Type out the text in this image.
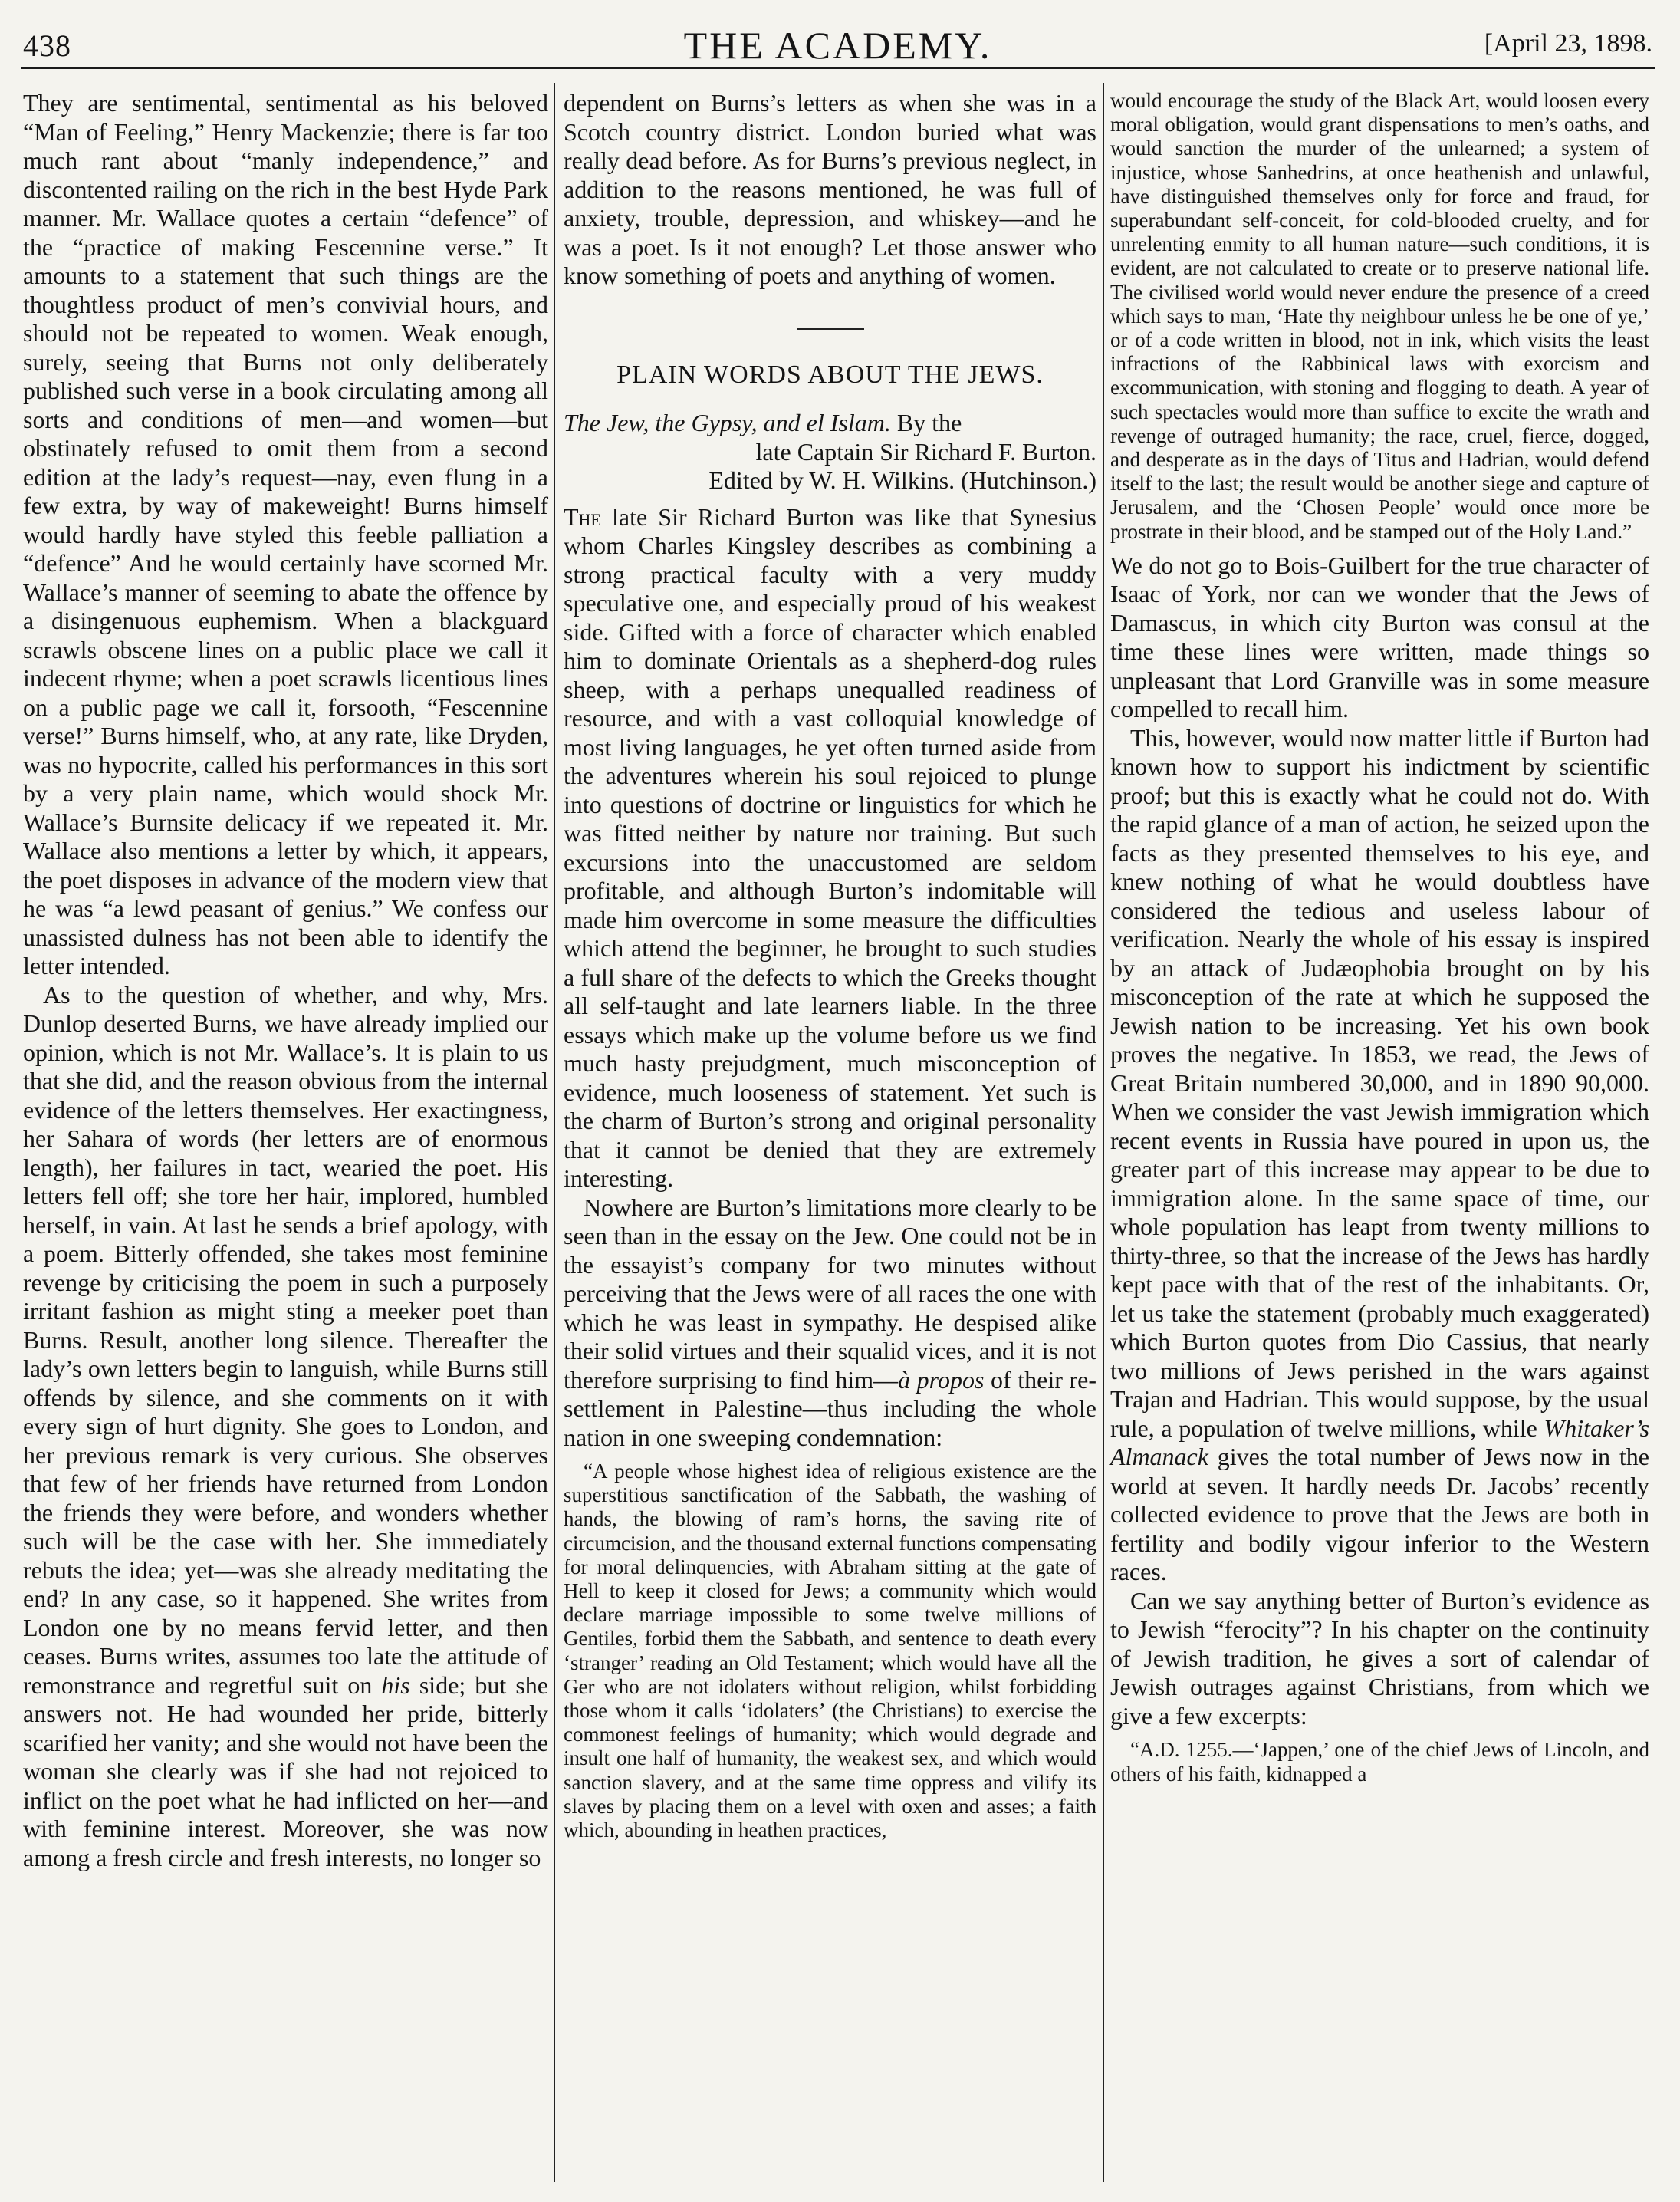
438	THE ACADEMY.	[April 23, 1898.

They are sentimental, sentimental as his beloved “Man of Feeling,” Henry Mackenzie; there is far too much rant about “manly independence,” and discontented railing on the rich in the best Hyde Park manner. Mr. Wallace quotes a certain “defence” of the “practice of making Fescennine verse.” It amounts to a statement that such things are the thoughtless product of men’s convivial hours, and should not be repeated to women. Weak enough, surely, seeing that Burns not only deliberately published such verse in a book circulating among all sorts and conditions of men—and women—but obstinately refused to omit them from a second edition at the lady’s request—nay, even flung in a few extra, by way of makeweight! Burns himself would hardly have styled this feeble palliation a “defence” And he would certainly have scorned Mr. Wallace’s manner of seeming to abate the offence by a disingenuous euphemism. When a blackguard scrawls obscene lines on a public place we call it indecent rhyme; when a poet scrawls licentious lines on a public page we call it, forsooth, “Fescennine verse!” Burns himself, who, at any rate, like Dryden, was no hypocrite, called his performances in this sort by a very plain name, which would shock Mr. Wallace’s Burnsite delicacy if we repeated it. Mr. Wallace also mentions a letter by which, it appears, the poet disposes in advance of the modern view that he was “a lewd peasant of genius.” We confess our unassisted dulness has not been able to identify the letter intended.

As to the question of whether, and why, Mrs. Dunlop deserted Burns, we have already implied our opinion, which is not Mr. Wallace’s. It is plain to us that she did, and the reason obvious from the internal evidence of the letters themselves. Her exactingness, her Sahara of words (her letters are of enormous length), her failures in tact, wearied the poet. His letters fell off; she tore her hair, implored, humbled herself, in vain. At last he sends a brief apology, with a poem. Bitterly offended, she takes most feminine revenge by criticising the poem in such a purposely irritant fashion as might sting a meeker poet than Burns. Result, another long silence. Thereafter the lady’s own letters begin to languish, while Burns still offends by silence, and she comments on it with every sign of hurt dignity. She goes to London, and her previous remark is very curious. She observes that few of her friends have returned from London the friends they were before, and wonders whether such will be the case with her. She immediately rebuts the idea; yet—was she already meditating the end? In any case, so it happened. She writes from London one by no means fervid letter, and then ceases. Burns writes, assumes too late the attitude of remonstrance and regretful suit on his side; but she answers not. He had wounded her pride, bitterly scarified her vanity; and she would not have been the woman she clearly was if she had not rejoiced to inflict on the poet what he had inflicted on her—and with feminine interest. Moreover, she was now among a fresh circle and fresh interests, no longer so

dependent on Burns’s letters as when she was in a Scotch country district. London buried what was really dead before. As for Burns’s previous neglect, in addition to the reasons mentioned, he was full of anxiety, trouble, depression, and whiskey—and he was a poet. Is it not enough? Let those answer who know something of poets and anything of women.

PLAIN WORDS ABOUT THE JEWS.

The Jew, the Gypsy, and el Islam. By the

late Captain Sir Richard F. Burton.

Edited by W. H. Wilkins. (Hutchinson.)

The late Sir Richard Burton was like that Synesius whom Charles Kingsley describes as combining a strong practical faculty with a very muddy speculative one, and especially proud of his weakest side. Gifted with a force of character which enabled him to dominate Orientals as a shepherd-dog rules sheep, with a perhaps unequalled readiness of resource, and with a vast colloquial knowledge of most living languages, he yet often turned aside from the adventures wherein his soul rejoiced to plunge into questions of doctrine or linguistics for which he was fitted neither by nature nor training. But such excursions into the unaccustomed are seldom profitable, and although Burton’s indomitable will made him overcome in some measure the difficulties which attend the beginner, he brought to such studies a full share of the defects to which the Greeks thought all self-taught and late learners liable. In the three essays which make up the volume before us we find much hasty prejudgment, much misconception of evidence, much looseness of statement. Yet such is the charm of Burton’s strong and original personality that it cannot be denied that they are extremely interesting.

Nowhere are Burton’s limitations more clearly to be seen than in the essay on the Jew. One could not be in the essayist’s company for two minutes without perceiving that the Jews were of all races the one with which he was least in sympathy. He despised alike their solid virtues and their squalid vices, and it is not therefore surprising to find him—à propos of their re-settlement in Palestine—thus including the whole nation in one sweeping condemnation:

“A people whose highest idea of religious existence are the superstitious sanctification of the Sabbath, the washing of hands, the blowing of ram’s horns, the saving rite of circumcision, and the thousand external functions compensating for moral delinquencies, with Abraham sitting at the gate of Hell to keep it closed for Jews; a community which would declare marriage impossible to some twelve millions of Gentiles, forbid them the Sabbath, and sentence to death every ‘stranger’ reading an Old Testament; which would have all the Ger who are not idolaters without religion, whilst forbidding those whom it calls ‘idolaters’ (the Christians) to exercise the commonest feelings of humanity; which would degrade and insult one half of humanity, the weakest sex, and which would sanction slavery, and at the same time oppress and vilify its slaves by placing them on a level with oxen and asses; a faith which, abounding in heathen practices,

would encourage the study of the Black Art, would loosen every moral obligation, would grant dispensations to men’s oaths, and would sanction the murder of the unlearned; a system of injustice, whose Sanhedrins, at once heathenish and unlawful, have distinguished themselves only for force and fraud, for superabundant self-conceit, for cold-blooded cruelty, and for unrelenting enmity to all human nature—such conditions, it is evident, are not calculated to create or to preserve national life. The civilised world would never endure the presence of a creed which says to man, ‘Hate thy neighbour unless he be one of ye,’ or of a code written in blood, not in ink, which visits the least infractions of the Rabbinical laws with exorcism and excommunication, with stoning and flogging to death. A year of such spectacles would more than suffice to excite the wrath and revenge of outraged humanity; the race, cruel, fierce, dogged, and desperate as in the days of Titus and Hadrian, would defend itself to the last; the result would be another siege and capture of Jerusalem, and the ‘Chosen People’ would once more be prostrate in their blood, and be stamped out of the Holy Land.”

We do not go to Bois-Guilbert for the true character of Isaac of York, nor can we wonder that the Jews of Damascus, in which city Burton was consul at the time these lines were written, made things so unpleasant that Lord Granville was in some measure compelled to recall him.

This, however, would now matter little if Burton had known how to support his indictment by scientific proof; but this is exactly what he could not do. With the rapid glance of a man of action, he seized upon the facts as they presented themselves to his eye, and knew nothing of what he would doubtless have considered the tedious and useless labour of verification. Nearly the whole of his essay is inspired by an attack of Judæophobia brought on by his misconception of the rate at which he supposed the Jewish nation to be increasing. Yet his own book proves the negative. In 1853, we read, the Jews of Great Britain numbered 30,000, and in 1890 90,000. When we consider the vast Jewish immigration which recent events in Russia have poured in upon us, the greater part of this increase may appear to be due to immigration alone. In the same space of time, our whole population has leapt from twenty millions to thirty-three, so that the increase of the Jews has hardly kept pace with that of the rest of the inhabitants. Or, let us take the statement (probably much exaggerated) which Burton quotes from Dio Cassius, that nearly two millions of Jews perished in the wars against Trajan and Hadrian. This would suppose, by the usual rule, a population of twelve millions, while Whitaker’s Almanack gives the total number of Jews now in the world at seven. It hardly needs Dr. Jacobs’ recently collected evidence to prove that the Jews are both in fertility and bodily vigour inferior to the Western races.

Can we say anything better of Burton’s evidence as to Jewish “ferocity”? In his chapter on the continuity of Jewish tradition, he gives a sort of calendar of Jewish outrages against Christians, from which we give a few excerpts:

“A.D. 1255.—‘Jappen,’ one of the chief Jews of Lincoln, and others of his faith, kidnapped a
